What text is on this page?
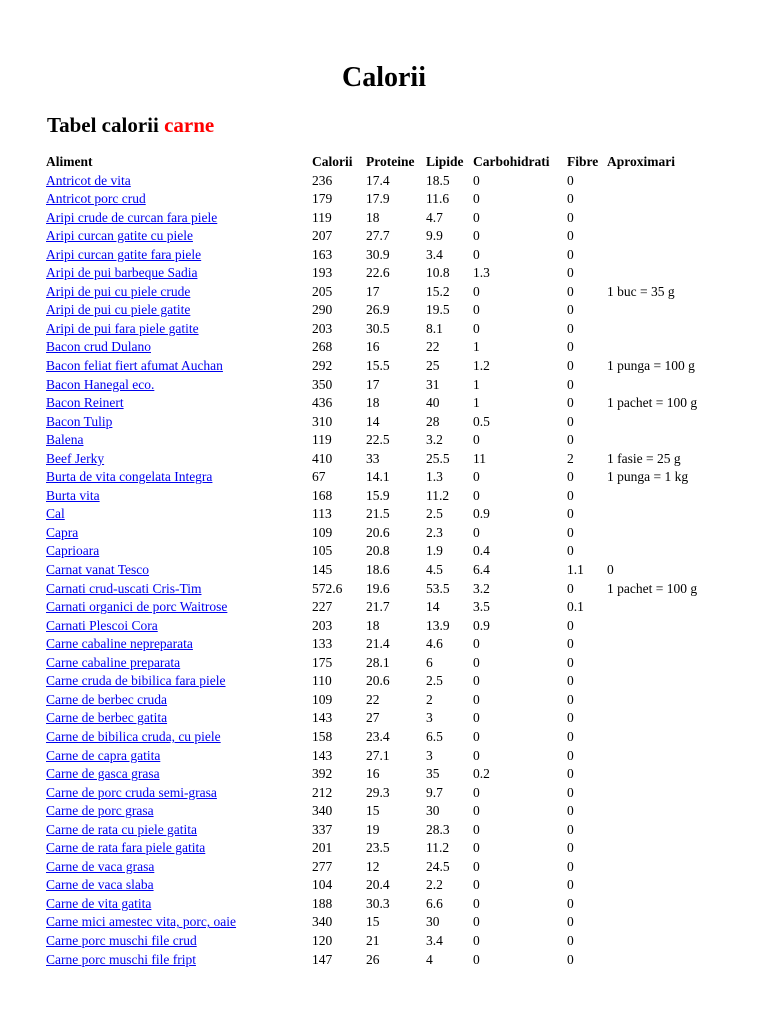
Calorii
Tabel calorii carne
Aliment	Calorii	Proteine	Lipide	Carbohidrati	Fibre	Aproximari
Antricot de vita	236	17.4	18.5	0	0	
Antricot porc crud	179	17.9	11.6	0	0	
Aripi crude de curcan fara piele	119	18	4.7	0	0	
Aripi curcan gatite cu piele	207	27.7	9.9	0	0	
Aripi curcan gatite fara piele	163	30.9	3.4	0	0	
Aripi de pui barbeque Sadia	193	22.6	10.8	1.3	0	
Aripi de pui cu piele crude	205	17	15.2	0	0	1 buc = 35 g
Aripi de pui cu piele gatite	290	26.9	19.5	0	0	
Aripi de pui fara piele gatite	203	30.5	8.1	0	0	
Bacon crud Dulano	268	16	22	1	0	
Bacon feliat fiert afumat Auchan	292	15.5	25	1.2	0	1 punga = 100 g
Bacon Hanegal eco.	350	17	31	1	0	
Bacon Reinert	436	18	40	1	0	1 pachet = 100 g
Bacon Tulip	310	14	28	0.5	0	
Balena	119	22.5	3.2	0	0	
Beef Jerky	410	33	25.5	11	2	1 fasie = 25 g
Burta de vita congelata Integra	67	14.1	1.3	0	0	1 punga = 1 kg
Burta vita	168	15.9	11.2	0	0	
Cal	113	21.5	2.5	0.9	0	
Capra	109	20.6	2.3	0	0	
Caprioara	105	20.8	1.9	0.4	0	
Carnat vanat Tesco	145	18.6	4.5	6.4	1.1	0
Carnati crud-uscati Cris-Tim	572.6	19.6	53.5	3.2	0	1 pachet = 100 g
Carnati organici de porc Waitrose	227	21.7	14	3.5	0.1	
Carnati Plescoi Cora	203	18	13.9	0.9	0	
Carne cabaline nepreparata	133	21.4	4.6	0	0	
Carne cabaline preparata	175	28.1	6	0	0	
Carne cruda de bibilica fara piele	110	20.6	2.5	0	0	
Carne de berbec cruda	109	22	2	0	0	
Carne de berbec gatita	143	27	3	0	0	
Carne de bibilica cruda, cu piele	158	23.4	6.5	0	0	
Carne de capra gatita	143	27.1	3	0	0	
Carne de gasca grasa	392	16	35	0.2	0	
Carne de porc cruda semi-grasa	212	29.3	9.7	0	0	
Carne de porc grasa	340	15	30	0	0	
Carne de rata cu piele gatita	337	19	28.3	0	0	
Carne de rata fara piele gatita	201	23.5	11.2	0	0	
Carne de vaca grasa	277	12	24.5	0	0	
Carne de vaca slaba	104	20.4	2.2	0	0	
Carne de vita gatita	188	30.3	6.6	0	0	
Carne mici amestec vita, porc, oaie	340	15	30	0	0	
Carne porc muschi file crud	120	21	3.4	0	0	
Carne porc muschi file fript	147	26	4	0	0	
